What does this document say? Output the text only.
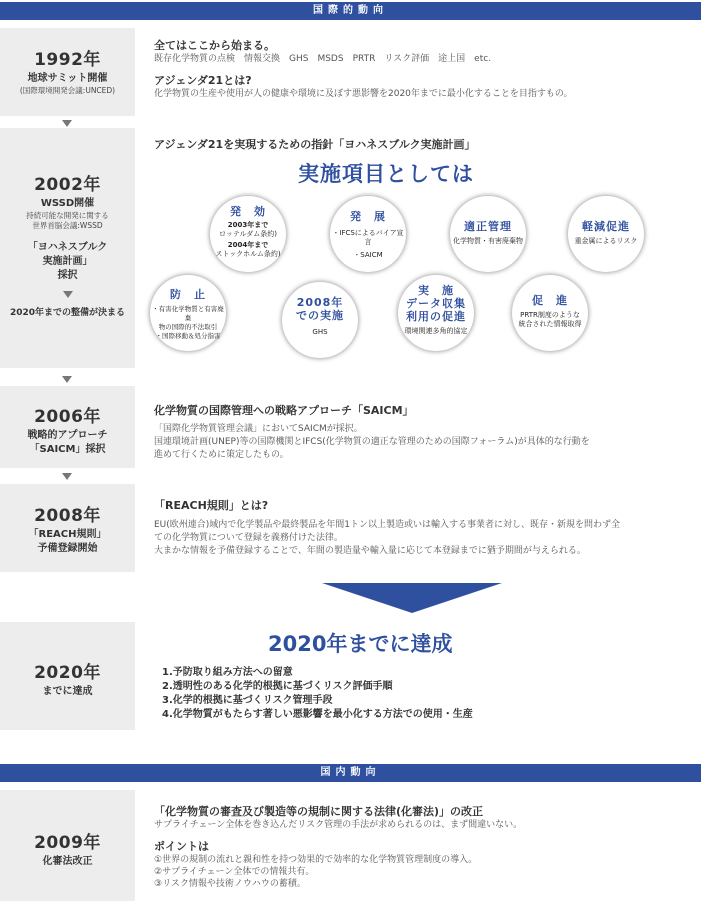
国際的動向
1992年
地球サミット開催
(国際環境開発会議:UNCED)
全てはここから始まる。
既存化学物質の点検　情報交換　GHS　MSDS　PRTR　リスク評価　途上国　etc.
アジェンダ21とは?
化学物質の生産や使用が人の健康や環境に及ぼす悪影響を2020年までに最小化することを目指すもの。
2002年
WSSD開催
持続可能な開発に関する
世界首脳会議:WSSD
「ヨハネスブルク
実施計画」
採択
2020年までの整備が決まる
アジェンダ21を実現するための指針「ヨハネスブルク実施計画」
実施項目としては
発　効
2003年まで
ロッテルダム条約)
2004年まで
ストックホルム条約)
発　展
・IFCSによるバイア宣言
・SAICM
適正管理
化学物質・有害廃棄物
軽減促進
重金属によるリスク
防　止
・有害化学物質と有害廃棄
物の国際的不法取引
・国際移動＆処分指害
2008年
での実施
GHS
実　施
データ収集
利用の促進
環境関連多角的協定
促　進
PRTR制度のような
統合された情報取得
2006年
戦略的アプローチ
「SAICM」採択
化学物質の国際管理への戦略アプローチ「SAICM」
「国際化学物質管理会議」においてSAICMが採択。
国連環境計画(UNEP)等の国際機関とIFCS(化学物質の適正な管理のための国際フォーラム)が具体的な行動を
進めて行くために策定したもの。
2008年
「REACH規則」
予備登録開始
「REACH規則」とは?
EU(欧州連合)域内で化学製品や最終製品を年間1トン以上製造或いは輸入する事業者に対し、既存・新規を問わず全
ての化学物質について登録を義務付けた法律。
大まかな情報を予備登録することで、年間の製造量や輸入量に応じて本登録までに猶予期間が与えられる。
2020年
までに達成
2020年までに達成
1.予防取り組み方法への留意
2.透明性のある化学的根拠に基づくリスク評価手順
3.化学的根拠に基づくリスク管理手段
4.化学物質がもたらす著しい悪影響を最小化する方法での使用・生産
国内動向
2009年
化審法改正
「化学物質の審査及び製造等の規制に関する法律(化審法)」の改正
サプライチェーン全体を巻き込んだリスク管理の手法が求められるのは、まず間違いない。
ポイントは
①世界の規制の流れと親和性を持つ効果的で効率的な化学物質管理制度の導入。
②サプライチェーン全体での情報共有。
③リスク情報や技術ノウハウの蓄積。
